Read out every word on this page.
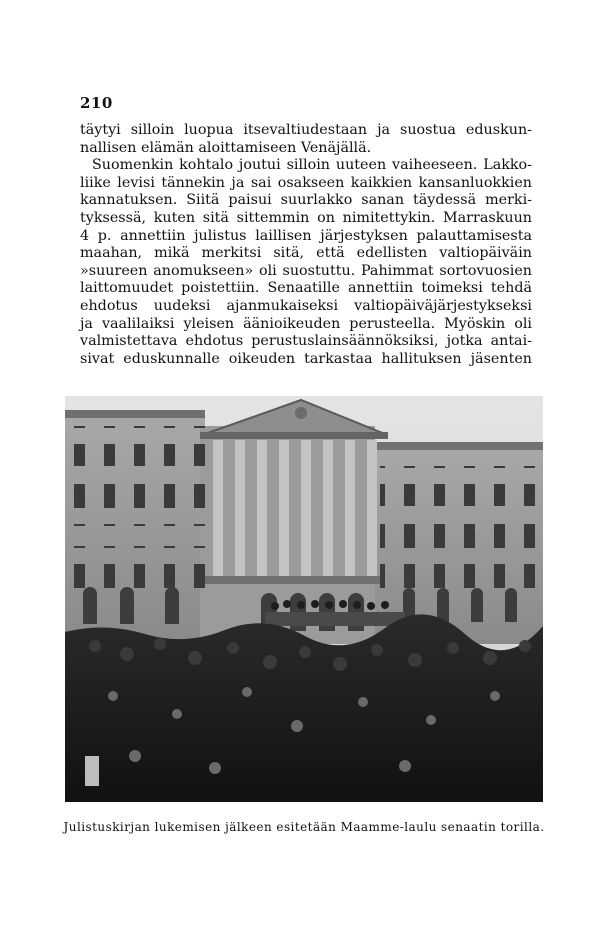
210

täytyi silloin luopua itsevaltiudestaan ja suostua eduskun-

nallisen elämän aloittamiseen Venäjällä.

Suomenkin kohtalo joutui silloin uuteen vaiheeseen. Lakko-

liike levisi tännekin ja sai osakseen kaikkien kansanluokkien

kannatuksen. Siitä paisui suurlakko sanan täydessä merki-

tyksessä, kuten sitä sittemmin on nimitettykin. Marraskuun

4 p. annettiin julistus laillisen järjestyksen palauttamisesta

maahan, mikä merkitsi sitä, että edellisten valtiopäiväin

»suureen anomukseen» oli suostuttu. Pahimmat sortovuosien

laittomuudet poistettiin. Senaatille annettiin toimeksi tehdä

ehdotus uudeksi ajanmukaiseksi valtiopäiväjärjestykseksi

ja vaalilaiksi yleisen äänioikeuden perusteella. Myöskin oli

valmistettava ehdotus perustuslainsäännöksiksi, jotka antai-

sivat eduskunnalle oikeuden tarkastaa hallituksen jäsenten

Julistuskirjan lukemisen jälkeen esitetään Maamme-laulu senaatin torilla.
